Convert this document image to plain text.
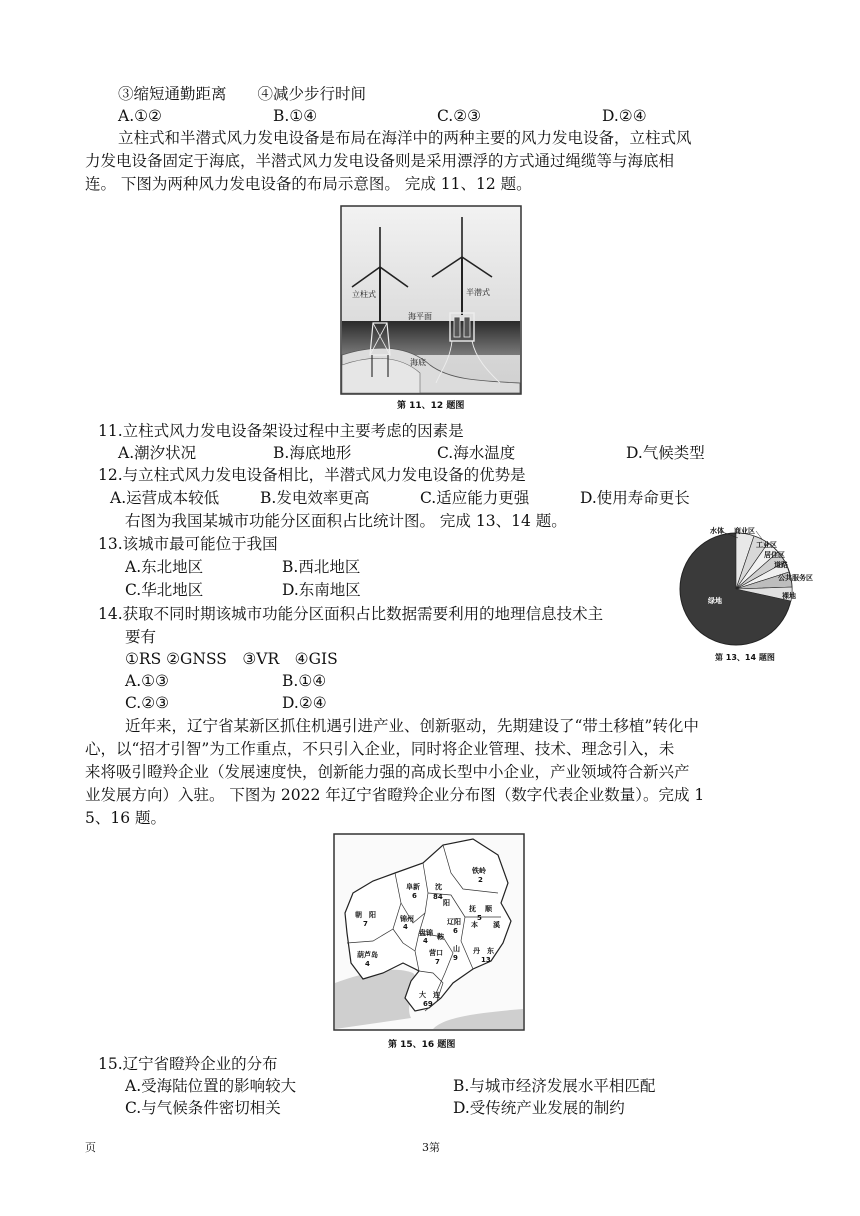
③缩短通勤距离　　④减少步行时间
A.①②	B.①④	C.②③	D.②④
立柱式和半潜式风力发电设备是布局在海洋中的两种主要的风力发电设备，立柱式风
力发电设备固定于海底，半潜式风力发电设备则是采用漂浮的方式通过绳缆等与海底相
连。 下图为两种风力发电设备的布局示意图。 完成 11、12 题。
立柱式	半潜式
海平面
海底
第 11、12 题图
11.立柱式风力发电设备架设过程中主要考虑的因素是
A.潮汐状况	B.海底地形	C.海水温度	D.气候类型
12.与立柱式风力发电设备相比，半潜式风力发电设备的优势是
A.运营成本较低	B.发电效率更高	C.适应能力更强	D.使用寿命更长
右图为我国某城市功能分区面积占比统计图。 完成 13、14 题。
13.该城市最可能位于我国
A.东北地区	B.西北地区
C.华北地区	D.东南地区
14.获取不同时期该城市功能分区面积占比数据需要利用的地理信息技术主
要有
①RS ②GNSS　③VR　④GIS
A.①③	B.①④
C.②③	D.②④
水体 商业区
工业区
居住区
道路
公共服务区
裸地
绿地
第 13、14 题图
近年来，辽宁省某新区抓住机遇引进产业、创新驱动，先期建设了“带土移植”转化中
心，以“招才引智”为工作重点，不只引入企业，同时将企业管理、技术、理念引入，未
来将吸引瞪羚企业（发展速度快，创新能力强的高成长型中小企业，产业领域符合新兴产
业发展方向）入驻。 下图为 2022 年辽宁省瞪羚企业分布图（数字代表企业数量）。完成 1
5、16 题。
铁岭
2
阜新
6
沈
84
阳
抚 顺
5
朝　阳
7
锦州
4
辽阳
6
本 溪
盘锦
4 鞍
山
9
葫芦岛
4
营口
7
丹　东
13
大　连
69
第 15、16 题图
15.辽宁省瞪羚企业的分布
A.受海陆位置的影响较大	B.与城市经济发展水平相匹配
C.与气候条件密切相关	D.受传统产业发展的制约
页	3第
